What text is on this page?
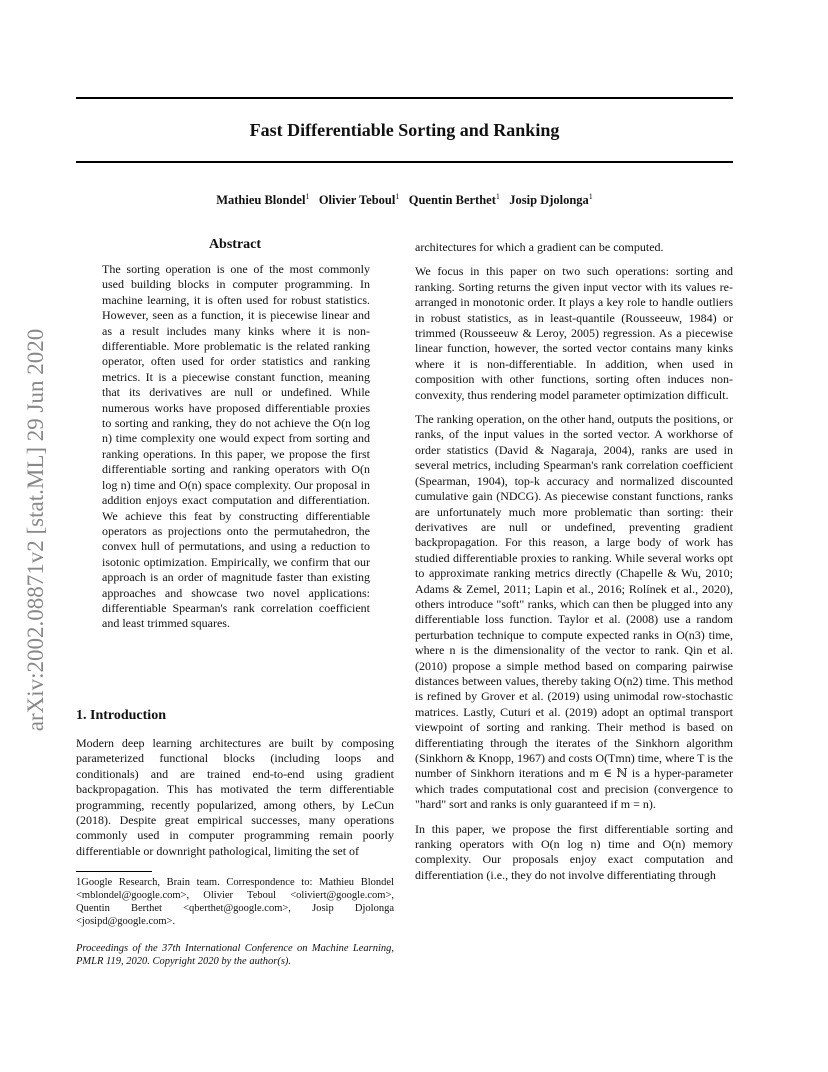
Fast Differentiable Sorting and Ranking
Mathieu Blondel$^1$ Olivier Teboul$^1$ Quentin Berthet$^1$ Josip Djolonga$^1$
arXiv:2002.08871v2 [stat.ML] 29 Jun 2020
Abstract
The sorting operation is one of the most commonly used building blocks in computer programming. In machine learning, it is often used for robust statistics. However, seen as a function, it is piecewise linear and as a result includes many kinks where it is non-differentiable. More problematic is the related ranking operator, often used for order statistics and ranking metrics. It is a piecewise constant function, meaning that its derivatives are null or undefined. While numerous works have proposed differentiable proxies to sorting and ranking, they do not achieve the O(n log n) time complexity one would expect from sorting and ranking operations. In this paper, we propose the first differentiable sorting and ranking operators with O(n log n) time and O(n) space complexity. Our proposal in addition enjoys exact computation and differentiation. We achieve this feat by constructing differentiable operators as projections onto the permutahedron, the convex hull of permutations, and using a reduction to isotonic optimization. Empirically, we confirm that our approach is an order of magnitude faster than existing approaches and showcase two novel applications: differentiable Spearman's rank correlation coefficient and least trimmed squares.
1. Introduction

Modern deep learning architectures are built by composing parameterized functional blocks (including loops and conditionals) and are trained end-to-end using gradient backpropagation. This has motivated the term differentiable programming, recently popularized, among others, by LeCun (2018). Despite great empirical successes, many operations commonly used in computer programming remain poorly differentiable or downright pathological, limiting the set of

1Google Research, Brain team. Correspondence to: Mathieu Blondel <mblondel@google.com>, Olivier Teboul <oliviert@google.com>, Quentin Berthet <qberthet@google.com>, Josip Djolonga <josipd@google.com>.
Proceedings of the 37th International Conference on Machine Learning, PMLR 119, 2020. Copyright 2020 by the author(s).

architectures for which a gradient can be computed.

We focus in this paper on two such operations: sorting and ranking. Sorting returns the given input vector with its values re-arranged in monotonic order. It plays a key role to handle outliers in robust statistics, as in least-quantile (Rousseeuw, 1984) or trimmed (Rousseeuw & Leroy, 2005) regression. As a piecewise linear function, however, the sorted vector contains many kinks where it is non-differentiable. In addition, when used in composition with other functions, sorting often induces non-convexity, thus rendering model parameter optimization difficult.

The ranking operation, on the other hand, outputs the positions, or ranks, of the input values in the sorted vector. A workhorse of order statistics (David & Nagaraja, 2004), ranks are used in several metrics, including Spearman's rank correlation coefficient (Spearman, 1904), top-k accuracy and normalized discounted cumulative gain (NDCG). As piecewise constant functions, ranks are unfortunately much more problematic than sorting: their derivatives are null or undefined, preventing gradient backpropagation. For this reason, a large body of work has studied differentiable proxies to ranking. While several works opt to approximate ranking metrics directly (Chapelle & Wu, 2010; Adams & Zemel, 2011; Lapin et al., 2016; Rolínek et al., 2020), others introduce "soft" ranks, which can then be plugged into any differentiable loss function. Taylor et al. (2008) use a random perturbation technique to compute expected ranks in O(n3) time, where n is the dimensionality of the vector to rank. Qin et al. (2010) propose a simple method based on comparing pairwise distances between values, thereby taking O(n2) time. This method is refined by Grover et al. (2019) using unimodal row-stochastic matrices. Lastly, Cuturi et al. (2019) adopt an optimal transport viewpoint of sorting and ranking. Their method is based on differentiating through the iterates of the Sinkhorn algorithm (Sinkhorn & Knopp, 1967) and costs O(Tmn) time, where T is the number of Sinkhorn iterations and m ∈ ℕ is a hyper-parameter which trades computational cost and precision (convergence to "hard" sort and ranks is only guaranteed if m = n).

In this paper, we propose the first differentiable sorting and ranking operators with O(n log n) time and O(n) memory complexity. Our proposals enjoy exact computation and differentiation (i.e., they do not involve differentiating through
